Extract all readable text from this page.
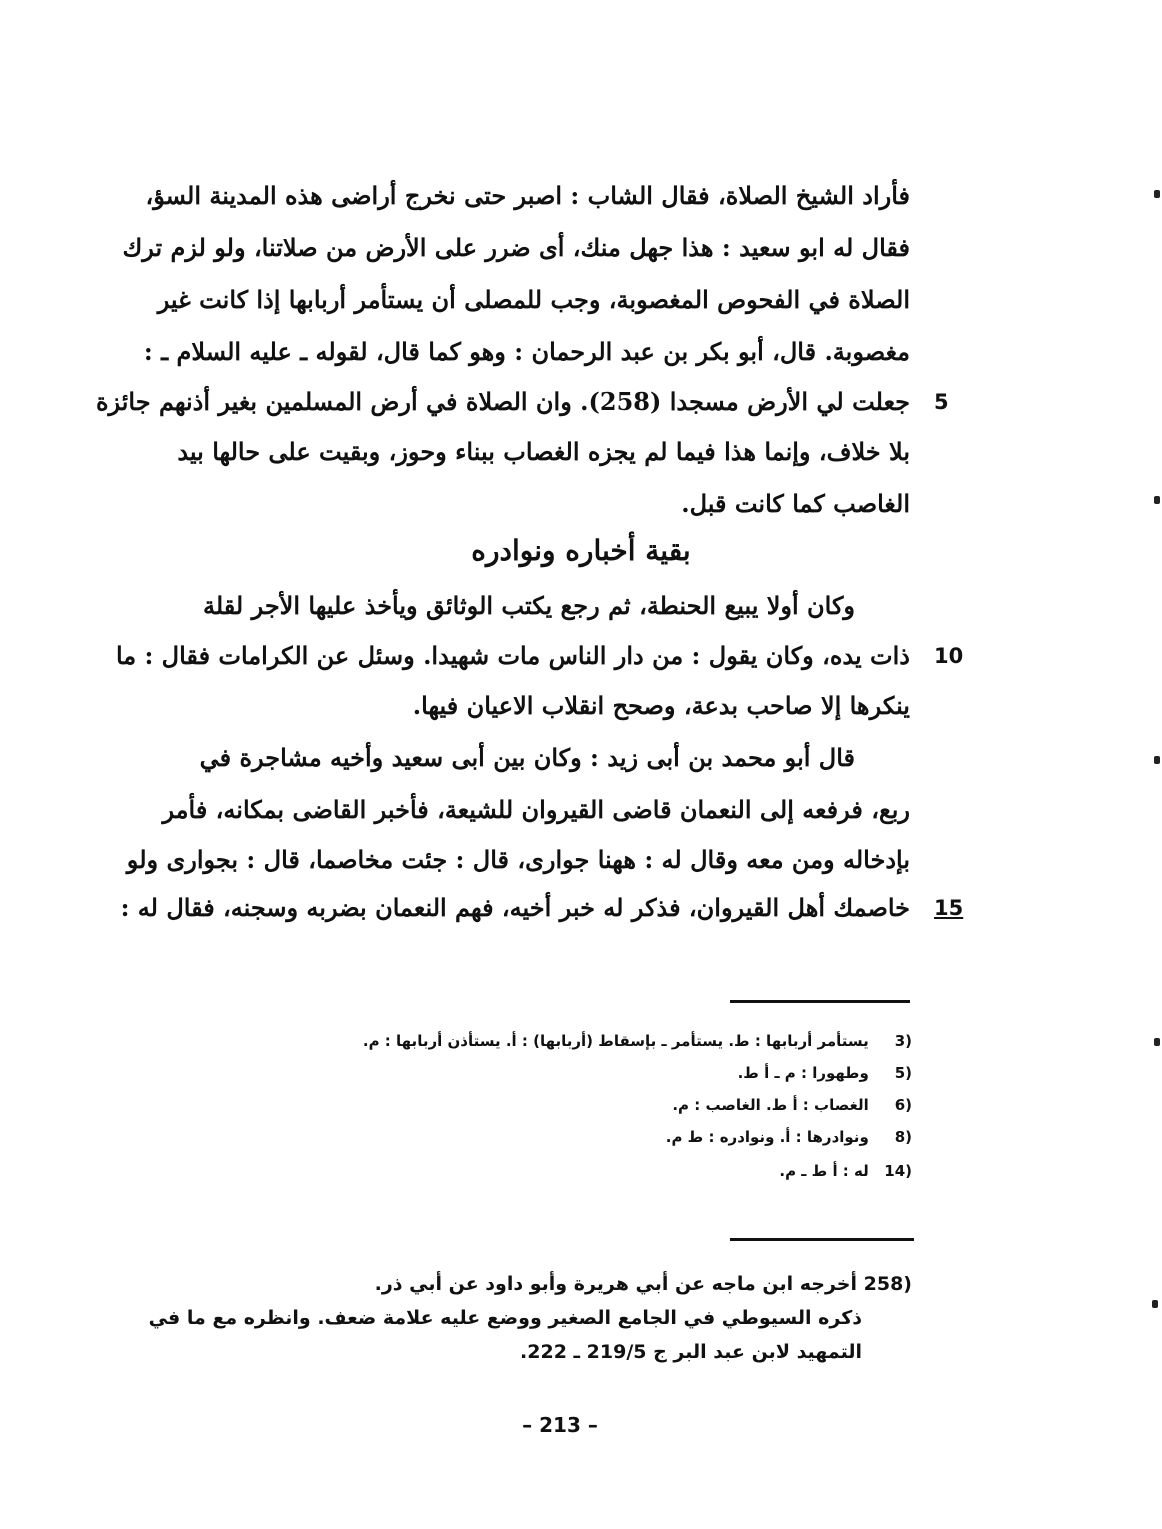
فأراد الشيخ الصلاة، فقال الشاب : اصبر حتى نخرج أراضى هذه المدينة السؤ،
فقال له ابو سعيد : هذا جهل منك، أى ضرر على الأرض من صلاتنا، ولو لزم ترك
الصلاة في الفحوص المغصوبة، وجب للمصلى أن يستأمر أربابها إذا كانت غير
مغصوبة. قال، أبو بكر بن عبد الرحمان : وهو كما قال، لقوله ـ عليه السلام ـ :
جعلت لي الأرض مسجدا (258). وان الصلاة في أرض المسلمين بغير أذنهم جائزة 5
بلا خلاف، وإنما هذا فيما لم يجزه الغصاب ببناء وحوز، وبقيت على حالها بيد
الغاصب كما كانت قبل.
بقية أخباره ونوادره
وكان أولا يبيع الحنطة، ثم رجع يكتب الوثائق ويأخذ عليها الأجر لقلة
ذات يده، وكان يقول : من دار الناس مات شهيدا. وسئل عن الكرامات فقال : ما 10
ينكرها إلا صاحب بدعة، وصحح انقلاب الاعيان فيها.
قال أبو محمد بن أبى زيد : وكان بين أبى سعيد وأخيه مشاجرة في
ربع، فرفعه إلى النعمان قاضى القيروان للشيعة، فأخبر القاضى بمكانه، فأمر
بإدخاله ومن معه وقال له : ههنا جوارى، قال : جئت مخاصما، قال : بجوارى ولو
خاصمك أهل القيروان، فذكر له خبر أخيه، فهم النعمان بضربه وسجنه، فقال له : 15
3) يستأمر أربابها : ط. يستأمر ـ بإسقاط (أربابها) : أ. يستأذن أربابها : م.
5) وطهورا : م ـ أ ط.
6) الغصاب : أ ط. الغاصب : م.
8) ونوادرها : أ. ونوادره : ط م.
14) له : أ ط ـ م.
258) أخرجه ابن ماجه عن أبي هريرة وأبو داود عن أبي ذر.
ذكره السيوطي في الجامع الصغير ووضع عليه علامة ضعف. وانظره مع ما في
التمهيد لابن عبد البر ج 219/5 ـ 222.
– 213 –
